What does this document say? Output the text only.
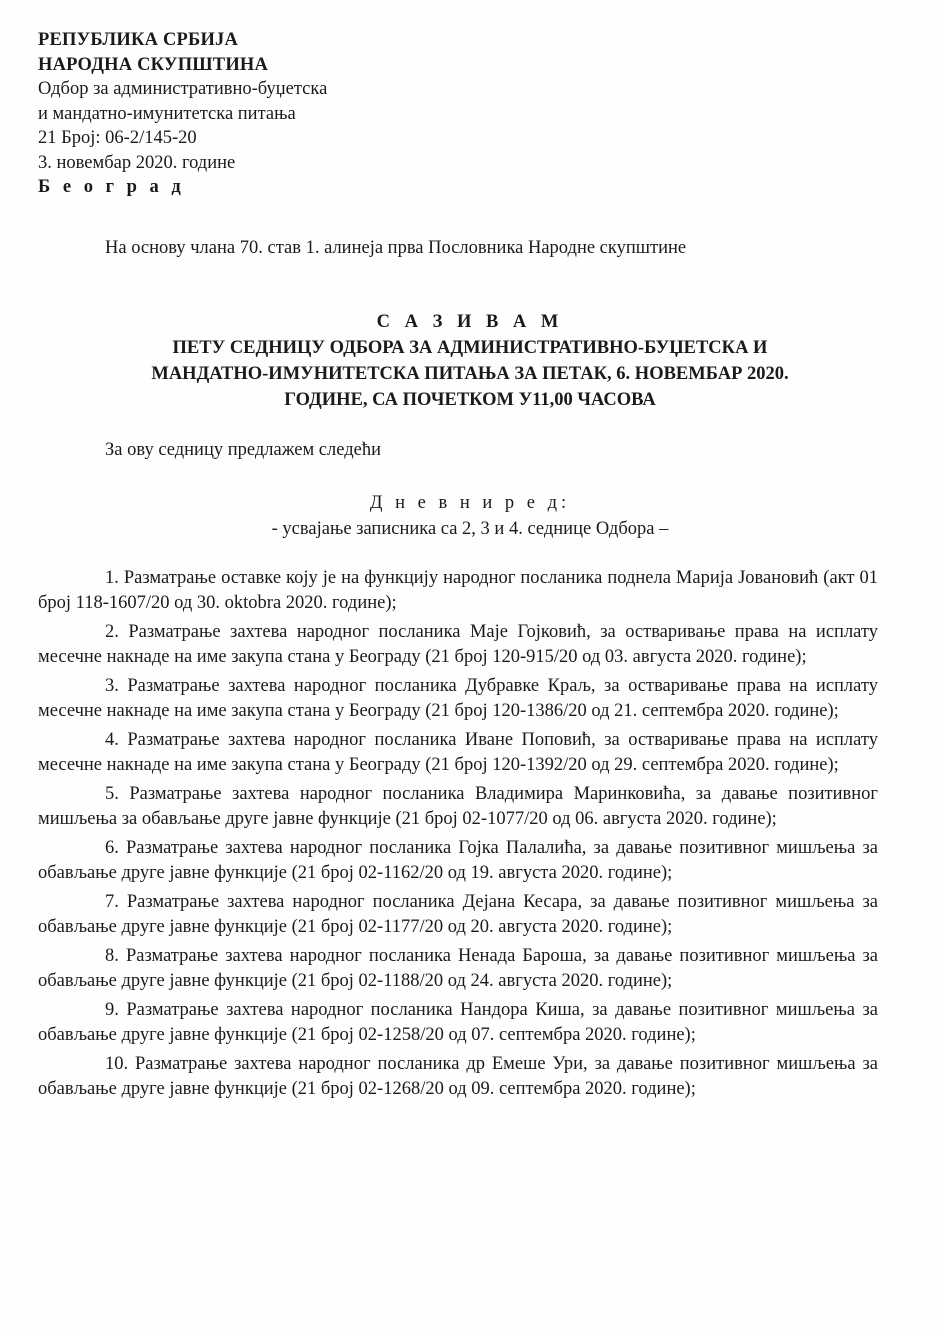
РЕПУБЛИКА СРБИЈА
НАРОДНА СКУПШТИНА
Одбор за административно-буџетска
и мандатно-имунитетска питања
21 Број: 06-2/145-20
3. новембар 2020. године
Б е о г р а д
На основу члана 70. став 1. алинеја прва Пословника Народне скупштине
С А З И В А М
ПЕТУ СЕДНИЦУ ОДБОРА ЗА АДМИНИСТРАТИВНО-БУЏЕТСКА И
МАНДАТНО-ИМУНИТЕТСКА ПИТАЊА ЗА ПЕТАК, 6. НОВЕМБАР 2020.
ГОДИНЕ, СА ПОЧЕТКОМ У11,00 ЧАСОВА
За ову седницу предлажем следећи
Д н е в н и р е д:
- усвајање записника са 2, 3 и 4. седнице Одбора –
1. Разматрање оставке коју је на функцију народног посланика поднела Марија Јовановић (акт 01 број 118-1607/20 од 30. oktobra 2020. године);
2. Разматрање захтева народног посланика Маје Гојковић, за остваривање права на исплату месечне накнаде на име закупа стана у Београду (21 број 120-915/20 од 03. августа 2020. године);
3. Разматрање захтева народног посланика Дубравке Краљ, за остваривање права на исплату месечне накнаде на име закупа стана у Београду (21 број 120-1386/20 од 21. септембра 2020. године);
4. Разматрање захтева народног посланика Иване Поповић, за остваривање права на исплату месечне накнаде на име закупа стана у Београду (21 број 120-1392/20 од 29. септембра 2020. године);
5. Разматрање захтева народног посланика Владимира Маринковића, за давање позитивног мишљења за обављање друге јавне функције (21 број 02-1077/20 од 06. августа 2020. године);
6. Разматрање захтева народног посланика Гојка Палалића, за давање позитивног мишљења за обављање друге јавне функције (21 број 02-1162/20 од 19. августа 2020. године);
7. Разматрање захтева народног посланика Дејана Кесара, за давање позитивног мишљења за обављање друге јавне функције (21 број 02-1177/20 од 20. августа 2020. године);
8. Разматрање захтева народног посланика Ненада Бароша, за давање позитивног мишљења за обављање друге јавне функције (21 број 02-1188/20 од 24. августа 2020. године);
9. Разматрање захтева народног посланика Нандора Киша, за давање позитивног мишљења за обављање друге јавне функције (21 број 02-1258/20 од 07. септембра 2020. године);
10. Разматрање захтева народног посланика др Емеше Ури, за давање позитивног мишљења за обављање друге јавне функције (21 број 02-1268/20 од 09. септембра 2020. године);
